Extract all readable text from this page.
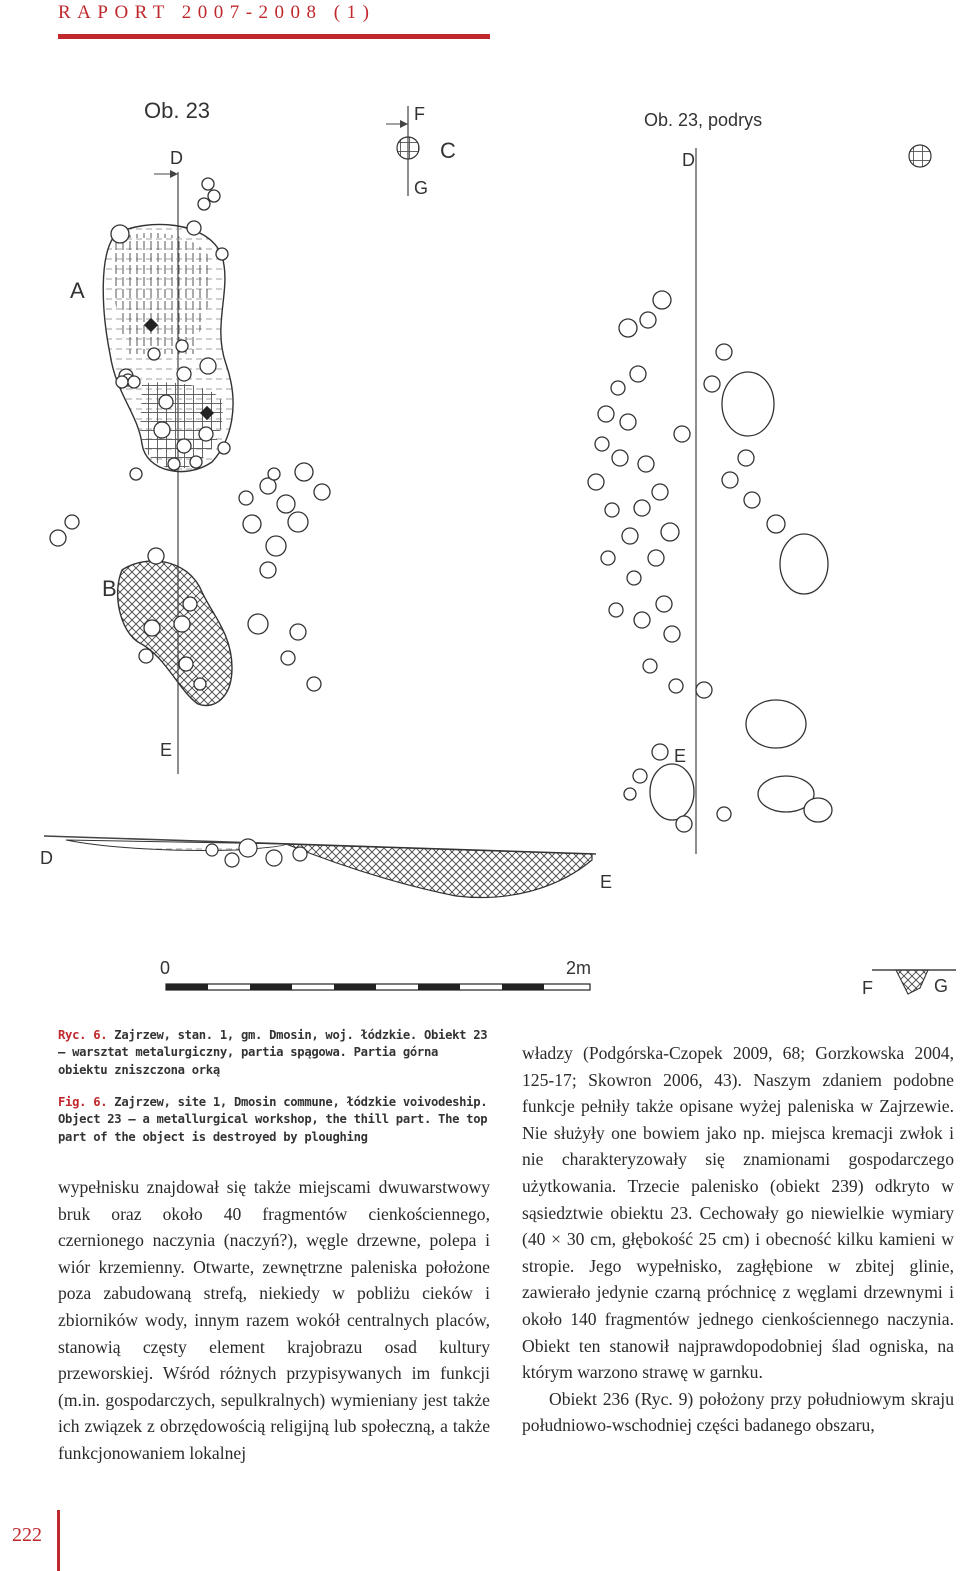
RAPORT 2007-2008 (1)
Ob. 23	Ob. 23, podrys
D
E
A
B
F
C
G
D
E
D
E
0	2m
F	G
Ryc. 6. Zajrzew, stan. 1, gm. Dmosin, woj. łódzkie. Obiekt 23 – warsztat metalurgiczny, partia spągowa. Partia górna obiektu zniszczona orką
Fig. 6. Zajrzew, site 1, Dmosin commune, łódzkie voivodeship. Object 23 – a metallurgical workshop, the thill part. The top part of the object is destroyed by ploughing

wypełnisku znajdował się także miejscami dwuwarstwowy bruk oraz około 40 fragmentów cienkościennego, czernionego naczynia (naczyń?), węgle drzewne, polepa i wiór krzemienny. Otwarte, zewnętrzne paleniska położone poza zabudowaną strefą, niekiedy w pobliżu cieków i zbiorników wody, innym razem wokół centralnych placów, stanowią częsty element krajobrazu osad kultury przeworskiej. Wśród różnych przypisywanych im funkcji (m.in. gospodarczych, sepulkralnych) wymieniany jest także ich związek z obrzędowością religijną lub społeczną, a także funkcjonowaniem lokalnej

władzy (Podgórska-Czopek 2009, 68; Gorzkowska 2004, 125-17; Skowron 2006, 43). Naszym zdaniem podobne funkcje pełniły także opisane wyżej paleniska w Zajrzewie. Nie służyły one bowiem jako np. miejsca kremacji zwłok i nie charakteryzowały się znamionami gospodarczego użytkowania. Trzecie palenisko (obiekt 239) odkryto w sąsiedztwie obiektu 23. Cechowały go niewielkie wymiary (40 × 30 cm, głębokość 25 cm) i obecność kilku kamieni w stropie. Jego wypełnisko, zagłębione w zbitej glinie, zawierało jedynie czarną próchnicę z węglami drzewnymi i około 140 fragmentów jednego cienkościennego naczynia. Obiekt ten stanowił najprawdopodobniej ślad ogniska, na którym warzono strawę w garnku.

Obiekt 236 (Ryc. 9) położony przy południowym skraju południowo-wschodniej części badanego obszaru,

222
